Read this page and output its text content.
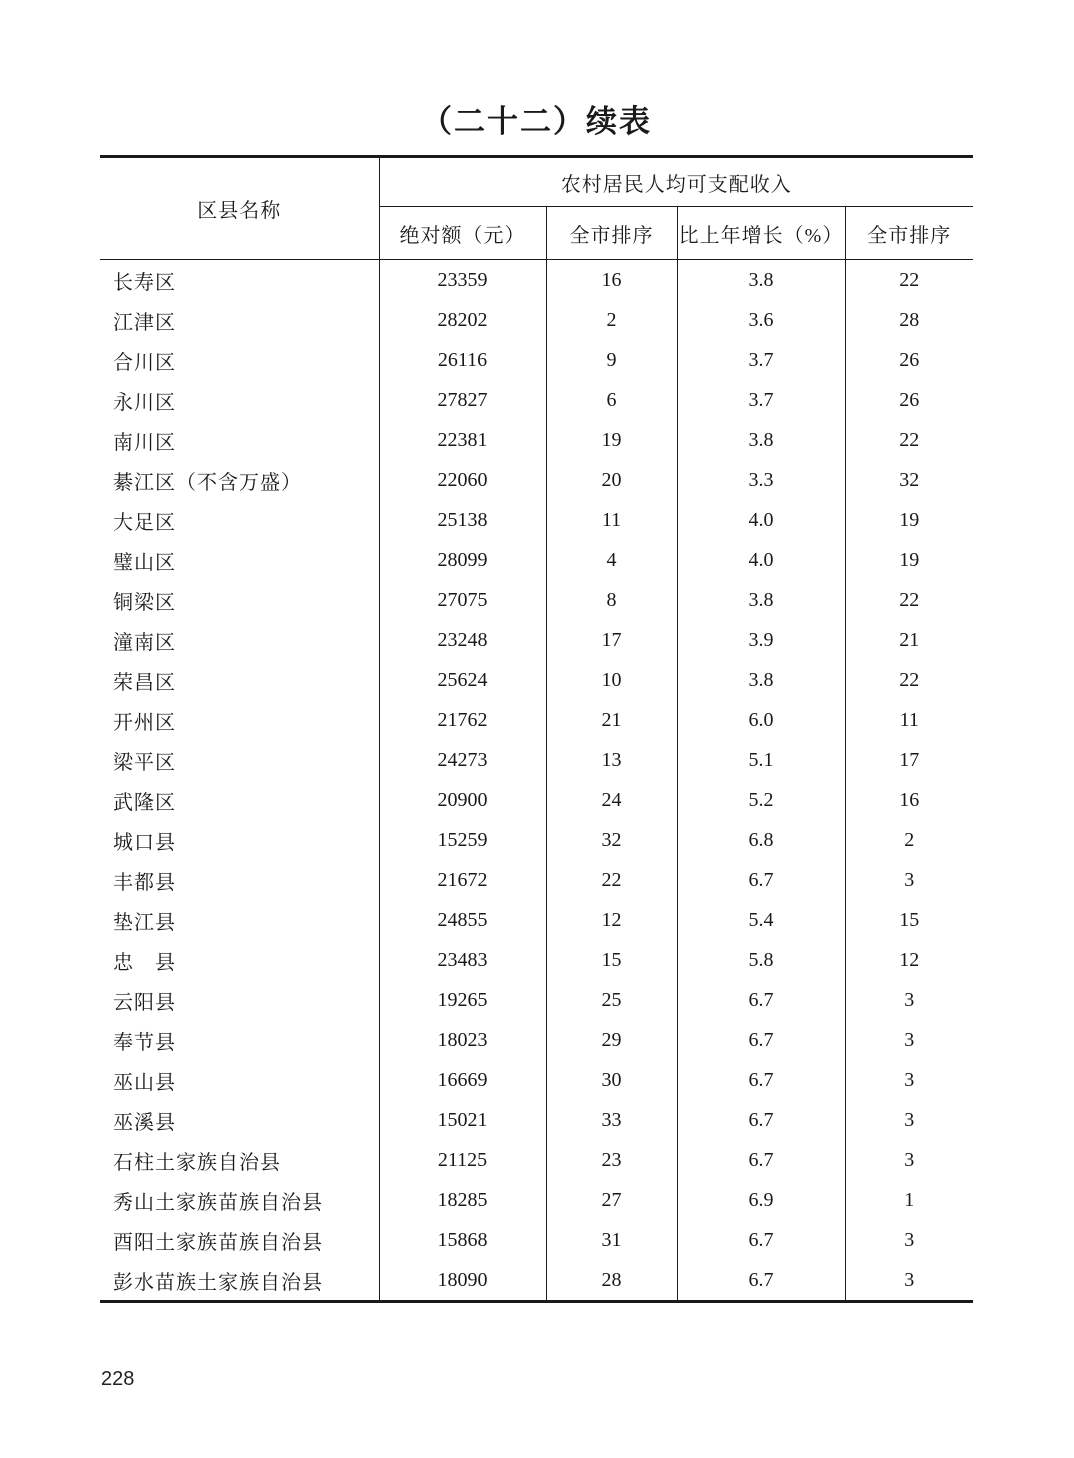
（二十二）续表
区县名称	农村居民人均可支配收入			
	绝对额（元）	全市排序	比上年增长（%）	全市排序
长寿区	23359	16	3.8	22
江津区	28202	2	3.6	28
合川区	26116	9	3.7	26
永川区	27827	6	3.7	26
南川区	22381	19	3.8	22
綦江区（不含万盛）	22060	20	3.3	32
大足区	25138	11	4.0	19
璧山区	28099	4	4.0	19
铜梁区	27075	8	3.8	22
潼南区	23248	17	3.9	21
荣昌区	25624	10	3.8	22
开州区	21762	21	6.0	11
梁平区	24273	13	5.1	17
武隆区	20900	24	5.2	16
城口县	15259	32	6.8	2
丰都县	21672	22	6.7	3
垫江县	24855	12	5.4	15
忠　县	23483	15	5.8	12
云阳县	19265	25	6.7	3
奉节县	18023	29	6.7	3
巫山县	16669	30	6.7	3
巫溪县	15021	33	6.7	3
石柱土家族自治县	21125	23	6.7	3
秀山土家族苗族自治县	18285	27	6.9	1
酉阳土家族苗族自治县	15868	31	6.7	3
彭水苗族土家族自治县	18090	28	6.7	3
228
